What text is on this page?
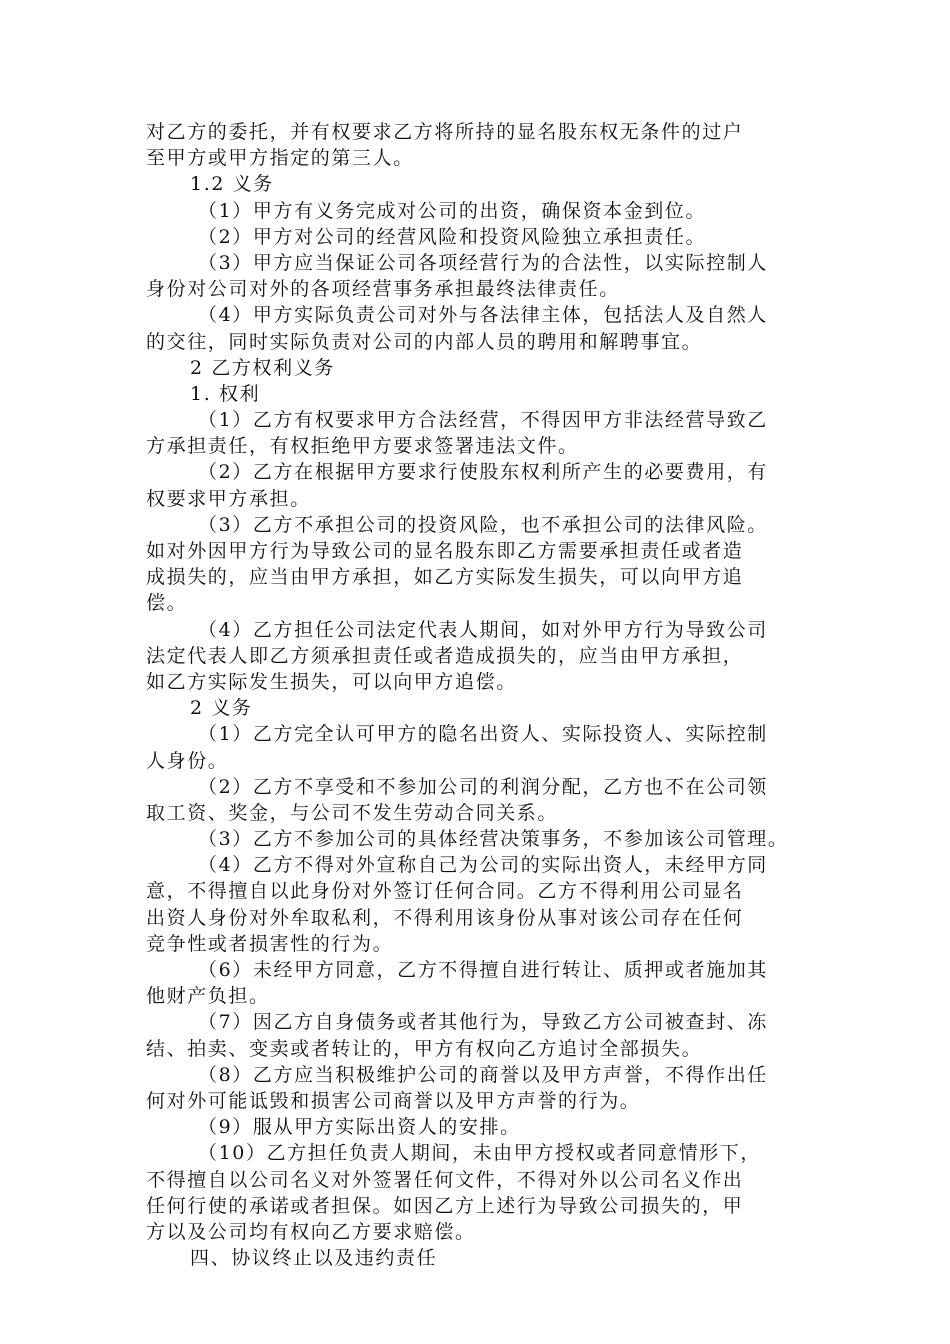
对乙方的委托，并有权要求乙方将所持的显名股东权无条件的过户

至甲方或甲方指定的第三人。

1.2 义务

（1）甲方有义务完成对公司的出资，确保资本金到位。

（2）甲方对公司的经营风险和投资风险独立承担责任。

（3）甲方应当保证公司各项经营行为的合法性，以实际控制人

身份对公司对外的各项经营事务承担最终法律责任。

（4）甲方实际负责公司对外与各法律主体，包括法人及自然人

的交往，同时实际负责对公司的内部人员的聘用和解聘事宜。

2 乙方权利义务

1. 权利

（1）乙方有权要求甲方合法经营，不得因甲方非法经营导致乙

方承担责任，有权拒绝甲方要求签署违法文件。

（2）乙方在根据甲方要求行使股东权利所产生的必要费用，有

权要求甲方承担。

（3）乙方不承担公司的投资风险，也不承担公司的法律风险。

如对外因甲方行为导致公司的显名股东即乙方需要承担责任或者造

成损失的，应当由甲方承担，如乙方实际发生损失，可以向甲方追

偿。

（4）乙方担任公司法定代表人期间，如对外甲方行为导致公司

法定代表人即乙方须承担责任或者造成损失的，应当由甲方承担，

如乙方实际发生损失，可以向甲方追偿。

2 义务

（1）乙方完全认可甲方的隐名出资人、实际投资人、实际控制

人身份。

（2）乙方不享受和不参加公司的利润分配，乙方也不在公司领

取工资、奖金，与公司不发生劳动合同关系。

（3）乙方不参加公司的具体经营决策事务，不参加该公司管理。

（4）乙方不得对外宣称自己为公司的实际出资人，未经甲方同

意，不得擅自以此身份对外签订任何合同。乙方不得利用公司显名

出资人身份对外牟取私利，不得利用该身份从事对该公司存在任何

竞争性或者损害性的行为。

（6）未经甲方同意，乙方不得擅自进行转让、质押或者施加其

他财产负担。

（7）因乙方自身债务或者其他行为，导致乙方公司被查封、冻

结、拍卖、变卖或者转让的，甲方有权向乙方追讨全部损失。

（8）乙方应当积极维护公司的商誉以及甲方声誉，不得作出任

何对外可能诋毁和损害公司商誉以及甲方声誉的行为。

（9）服从甲方实际出资人的安排。

（10）乙方担任负责人期间，未由甲方授权或者同意情形下，

不得擅自以公司名义对外签署任何文件，不得对外以公司名义作出

任何行使的承诺或者担保。如因乙方上述行为导致公司损失的，甲

方以及公司均有权向乙方要求赔偿。

四、协议终止以及违约责任
